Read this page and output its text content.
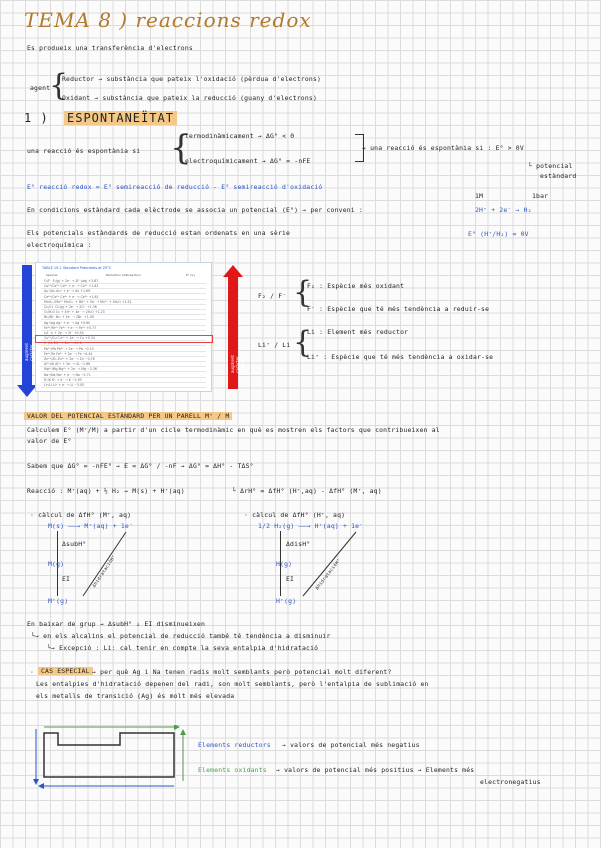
TEMA 8 ) reaccions redox
Es produeix una transferència d'electrons
agent
{
Reductor → substància que pateix l'oxidació (pèrdua d'electrons)
Oxidant → substància que pateix la reducció (guany d'electrons)
1 ) ESPONTANEÏTAT
una reacció és espontània si {
termodinàmicament → ΔG° < 0
electroquímicament → ΔG° = -nFE
→ una reacció és espontània si : E° > 0V
└ potencial
estàndard
E° reacció redox = E° semireacció de reducció - E° semireacció d'oxidació
1M	1bar
En condicions estàndard cada elèctrode se associa un potencial (E°) → per conveni :	2H⁺ + 2e⁻ → H₂
E° (H⁺/H₂) = 0V
Els potencials estàndards de reducció estan ordenats en una sèrie
electroquímica :
augment caràcter
TABLE 19.1 Standard Potentials at 25°C
Species	Reduction half-reaction	E° (V)
F₂/F⁻ F₂(g) + 2e⁻ → 2F⁻(aq) +2.87
Co³⁺/Co²⁺ Co³⁺ + e⁻ → Co²⁺ +1.81
Au⁺/Au Au⁺ + e⁻ → Au +1.69
Ce⁴⁺/Ce³⁺ Ce⁴⁺ + e⁻ → Ce³⁺ +1.61
MnO₄⁻/Mn²⁺ MnO₄⁻ + 8H⁺ + 5e⁻ → Mn²⁺ + 4H₂O +1.51
Cl₂/Cl⁻ Cl₂(g) + 2e⁻ → 2Cl⁻ +1.36
O₂/H₂O O₂ + 4H⁺ + 4e⁻ → 2H₂O +1.23
Br₂/Br⁻ Br₂ + 2e⁻ → 2Br⁻ +1.09
Ag⁺/Ag Ag⁺ + e⁻ → Ag +0.80
Fe³⁺/Fe²⁺ Fe³⁺ + e⁻ → Fe²⁺ +0.77
I₂/I⁻ I₂ + 2e⁻ → 2I⁻ +0.54
Cu²⁺/Cu Cu²⁺ + 2e⁻ → Cu +0.34
H⁺/H₂ 2H⁺ + 2e⁻ → H₂ 0
Pb²⁺/Pb Pb²⁺ + 2e⁻ → Pb −0.13
Fe²⁺/Fe Fe²⁺ + 2e⁻ → Fe −0.44
Zn²⁺/Zn Zn²⁺ + 2e⁻ → Zn −0.76
Al³⁺/Al Al³⁺ + 3e⁻ → Al −1.66
Mg²⁺/Mg Mg²⁺ + 2e⁻ → Mg −2.36
Na⁺/Na Na⁺ + e⁻ → Na −2.71
K⁺/K K⁺ + e⁻ → K −2.93
Li⁺/Li Li⁺ + e⁻ → Li −3.05
augment caràcter oxidant
F₂ / F⁻ {
F₂ : Espècie més oxidant
F⁻ : Espècie que té més tendència a reduir-se
Li⁺ / Li {
Li : Element més reductor
Li⁺ : Espècie que té més tendència a oxidar-se
VALOR DEL POTENCIAL ESTÀNDARD PER UN PARELL M⁺ / M
Calculem E° (M⁺/M) a partir d'un cicle termodinàmic en què es mostren els factors que contribueixen al
valor de E°
Sabem que ΔG° = -nFE° → E = ΔG° / -nF → ΔG° = ΔH° - TΔS°
Reacció : M⁺(aq) + ½ H₂ → M(s) + H⁺(aq)	└ ΔrH° = ΔfH° (H⁺,aq) - ΔfH° (M⁺, aq)
· càlcul de ΔfH° (M⁺, aq)
M(s) ——→ M⁺(aq) + 1e⁻
ΔsubH°
M(g)
EI
M⁺(g)
ΔhidratacióH°
· càlcul de ΔfH° (H⁺, aq)
1/2 H₂(g) ——→ H⁺(aq) + 1e⁻
ΔdisH°
H(g)
EI
H⁺(g)
ΔhidratacióH°
En baixar de grup → ΔsubH° ↓ EI disminueixen
└→ en els alcalins el potencial de reducció també té tendència a disminuir
└→ Excepció : Li: cal tenir en compte la seva entalpia d'hidratació
·	CAS ESPECIAL → per què Ag i Na tenen radis molt semblants però potencial molt diferent?
Les entalpies d'hidratació depenen del radi, son molt semblants, però l'entalpia de sublimació en
els metalls de transició (Ag) és molt més elevada
Elements reductors → valors de potencial més negatius
Elements oxidants → valors de potencial més positius → Elements més
electronegatius
